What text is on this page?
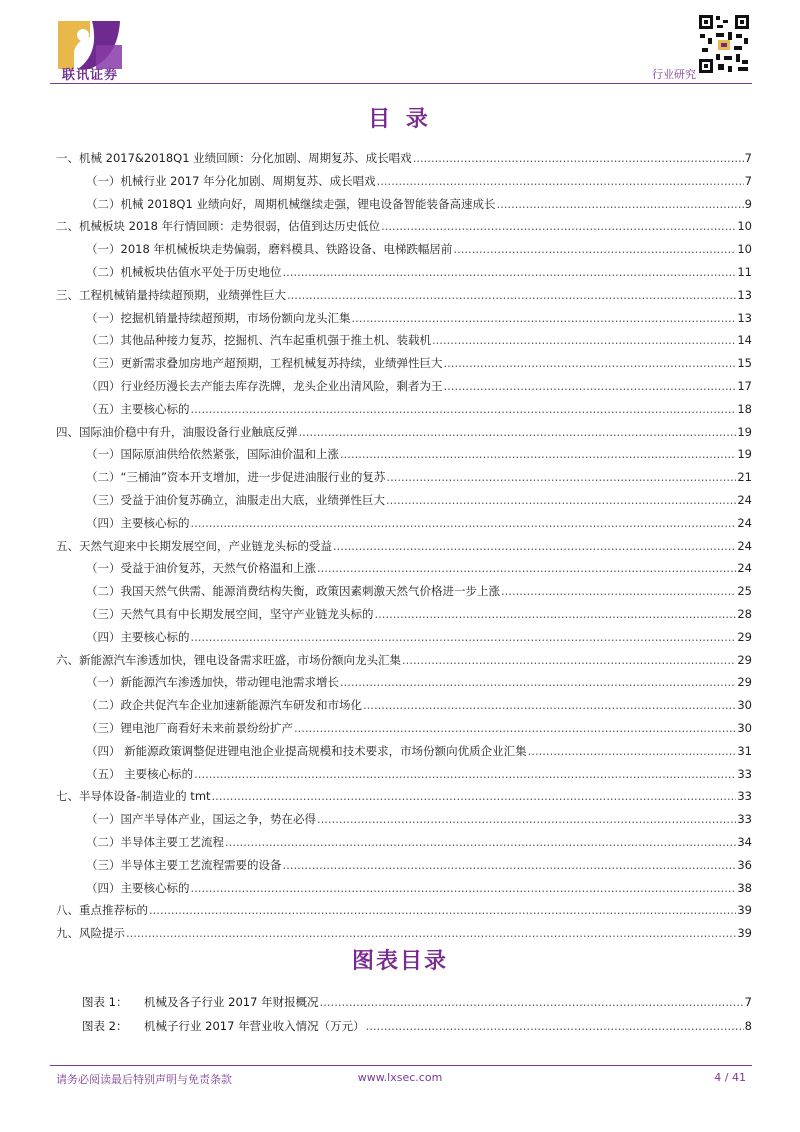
联讯证券	行业研究
目 录
一、机械 2017&2018Q1 业绩回顾：分化加剧、周期复苏、成长唱戏 .....	7
（一）机械行业 2017 年分化加剧、周期复苏、成长唱戏 .....	7
（二）机械 2018Q1 业绩向好，周期机械继续走强，锂电设备智能装备高速成长 .....	9
二、机械板块 2018 年行情回顾：走势很弱，估值到达历史低位 .....	10
（一）2018 年机械板块走势偏弱，磨料模具、铁路设备、电梯跌幅居前 .....	10
（二）机械板块估值水平处于历史地位 .....	11
三、工程机械销量持续超预期，业绩弹性巨大 .....	13
（一）挖掘机销量持续超预期，市场份额向龙头汇集 .....	13
（二）其他品种接力复苏，挖掘机、汽车起重机强于推土机、装载机 .....	14
（三）更新需求叠加房地产超预期，工程机械复苏持续，业绩弹性巨大 .....	15
（四）行业经历漫长去产能去库存洗牌，龙头企业出清风险，剩者为王 .....	17
（五）主要核心标的 .....	18
四、国际油价稳中有升，油服设备行业触底反弹 .....	19
（一）国际原油供给依然紧张，国际油价温和上涨 .....	19
（二）“三桶油”资本开支增加，进一步促进油服行业的复苏 .....	21
（三）受益于油价复苏确立，油服走出大底，业绩弹性巨大 .....	24
（四）主要核心标的 .....	24
五、天然气迎来中长期发展空间，产业链龙头标的受益 .....	24
（一）受益于油价复苏，天然气价格温和上涨 .....	24
（二）我国天然气供需、能源消费结构失衡，政策因素刺激天然气价格进一步上涨 .....	25
（三）天然气具有中长期发展空间，坚守产业链龙头标的 .....	28
（四）主要核心标的 .....	29
六、新能源汽车渗透加快，锂电设备需求旺盛，市场份额向龙头汇集 .....	29
（一）新能源汽车渗透加快，带动锂电池需求增长 .....	29
（二）政企共促汽车企业加速新能源汽车研发和市场化 .....	30
（三）锂电池厂商看好未来前景纷纷扩产 .....	30
（四） 新能源政策调整促进锂电池企业提高规模和技术要求，市场份额向优质企业汇集 .....	31
（五） 主要核心标的 .....	33
七、半导体设备-制造业的 tmt .....	33
（一）国产半导体产业，国运之争，势在必得 .....	33
（二）半导体主要工艺流程 .....	34
（三）半导体主要工艺流程需要的设备 .....	36
（四）主要核心标的 .....	38
八、重点推荐标的 .....	39
九、风险提示 .....	39
图表目录
图表 1：	机械及各子行业 2017 年财报概况 .....	7
图表 2：	机械子行业 2017 年营业收入情况（万元） .....	8
请务必阅读最后特别声明与免责条款	www.lxsec.com	4 / 41
